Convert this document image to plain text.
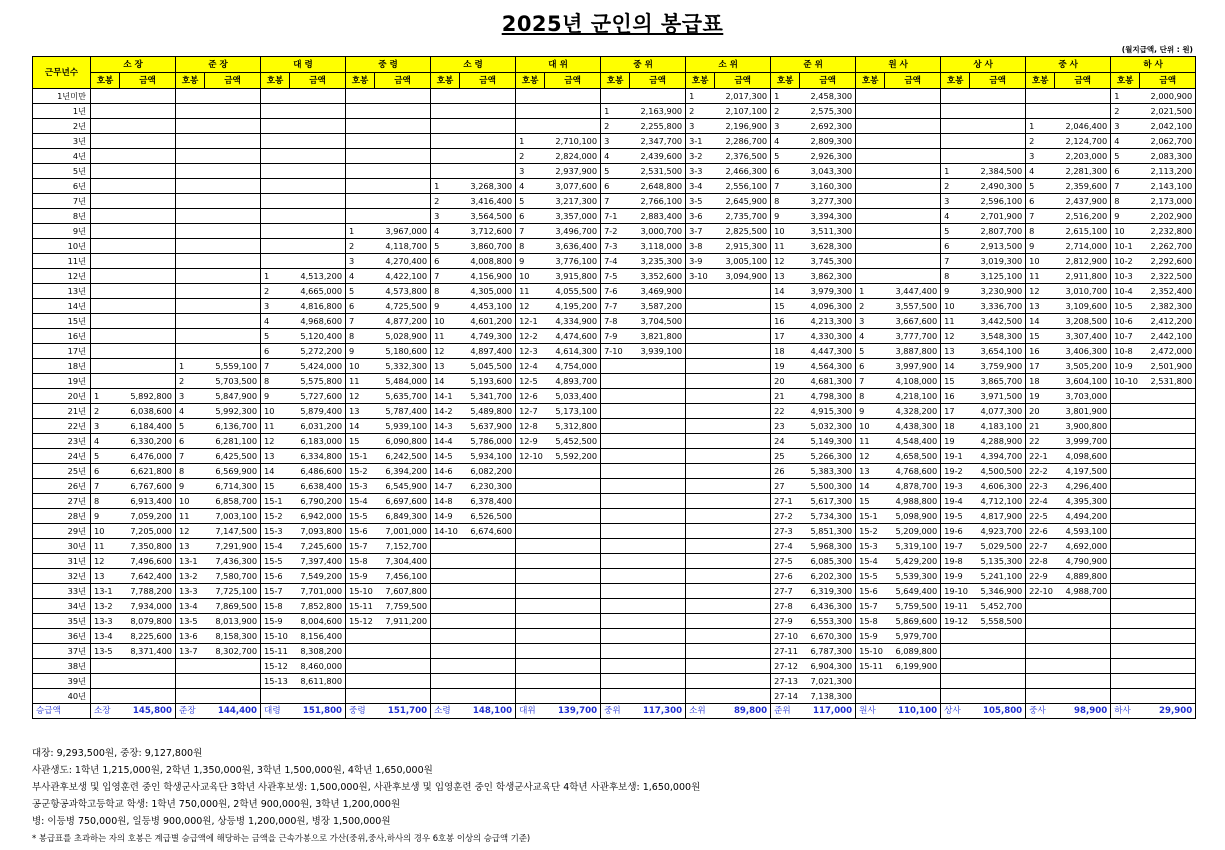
2025년 군인의 봉급표
(월지급액, 단위 : 원)
근무년수	소 장		준 장		대 령		중 령		소 령		대 위		중 위		소 위		준 위		원 사		상 사		중 사		하 사	
	호봉	금액	호봉	금액	호봉	금액	호봉	금액	호봉	금액	호봉	금액	호봉	금액	호봉	금액	호봉	금액	호봉	금액	호봉	금액	호봉	금액	호봉	금액
1년미만															1	2,017,300	1	2,458,300							1	2,000,900
1년													1	2,163,900	2	2,107,100	2	2,575,300							2	2,021,500
2년													2	2,255,800	3	2,196,900	3	2,692,300					1	2,046,400	3	2,042,100
3년											1	2,710,100	3	2,347,700	3-1	2,286,700	4	2,809,300					2	2,124,700	4	2,062,700
4년											2	2,824,000	4	2,439,600	3-2	2,376,500	5	2,926,300					3	2,203,000	5	2,083,300
5년											3	2,937,900	5	2,531,500	3-3	2,466,300	6	3,043,300			1	2,384,500	4	2,281,300	6	2,113,200
6년									1	3,268,300	4	3,077,600	6	2,648,800	3-4	2,556,100	7	3,160,300			2	2,490,300	5	2,359,600	7	2,143,100
7년									2	3,416,400	5	3,217,300	7	2,766,100	3-5	2,645,900	8	3,277,300			3	2,596,100	6	2,437,900	8	2,173,000
8년									3	3,564,500	6	3,357,000	7-1	2,883,400	3-6	2,735,700	9	3,394,300			4	2,701,900	7	2,516,200	9	2,202,900
9년							1	3,967,000	4	3,712,600	7	3,496,700	7-2	3,000,700	3-7	2,825,500	10	3,511,300			5	2,807,700	8	2,615,100	10	2,232,800
10년							2	4,118,700	5	3,860,700	8	3,636,400	7-3	3,118,000	3-8	2,915,300	11	3,628,300			6	2,913,500	9	2,714,000	10-1	2,262,700
11년							3	4,270,400	6	4,008,800	9	3,776,100	7-4	3,235,300	3-9	3,005,100	12	3,745,300			7	3,019,300	10	2,812,900	10-2	2,292,600
12년					1	4,513,200	4	4,422,100	7	4,156,900	10	3,915,800	7-5	3,352,600	3-10	3,094,900	13	3,862,300			8	3,125,100	11	2,911,800	10-3	2,322,500
13년					2	4,665,000	5	4,573,800	8	4,305,000	11	4,055,500	7-6	3,469,900			14	3,979,300	1	3,447,400	9	3,230,900	12	3,010,700	10-4	2,352,400
14년					3	4,816,800	6	4,725,500	9	4,453,100	12	4,195,200	7-7	3,587,200			15	4,096,300	2	3,557,500	10	3,336,700	13	3,109,600	10-5	2,382,300
15년					4	4,968,600	7	4,877,200	10	4,601,200	12-1	4,334,900	7-8	3,704,500			16	4,213,300	3	3,667,600	11	3,442,500	14	3,208,500	10-6	2,412,200
16년					5	5,120,400	8	5,028,900	11	4,749,300	12-2	4,474,600	7-9	3,821,800			17	4,330,300	4	3,777,700	12	3,548,300	15	3,307,400	10-7	2,442,100
17년					6	5,272,200	9	5,180,600	12	4,897,400	12-3	4,614,300	7-10	3,939,100			18	4,447,300	5	3,887,800	13	3,654,100	16	3,406,300	10-8	2,472,000
18년			1	5,559,100	7	5,424,000	10	5,332,300	13	5,045,500	12-4	4,754,000					19	4,564,300	6	3,997,900	14	3,759,900	17	3,505,200	10-9	2,501,900
19년			2	5,703,500	8	5,575,800	11	5,484,000	14	5,193,600	12-5	4,893,700					20	4,681,300	7	4,108,000	15	3,865,700	18	3,604,100	10-10	2,531,800
20년	1	5,892,800	3	5,847,900	9	5,727,600	12	5,635,700	14-1	5,341,700	12-6	5,033,400					21	4,798,300	8	4,218,100	16	3,971,500	19	3,703,000		
21년	2	6,038,600	4	5,992,300	10	5,879,400	13	5,787,400	14-2	5,489,800	12-7	5,173,100					22	4,915,300	9	4,328,200	17	4,077,300	20	3,801,900		
22년	3	6,184,400	5	6,136,700	11	6,031,200	14	5,939,100	14-3	5,637,900	12-8	5,312,800					23	5,032,300	10	4,438,300	18	4,183,100	21	3,900,800		
23년	4	6,330,200	6	6,281,100	12	6,183,000	15	6,090,800	14-4	5,786,000	12-9	5,452,500					24	5,149,300	11	4,548,400	19	4,288,900	22	3,999,700		
24년	5	6,476,000	7	6,425,500	13	6,334,800	15-1	6,242,500	14-5	5,934,100	12-10	5,592,200					25	5,266,300	12	4,658,500	19-1	4,394,700	22-1	4,098,600		
25년	6	6,621,800	8	6,569,900	14	6,486,600	15-2	6,394,200	14-6	6,082,200							26	5,383,300	13	4,768,600	19-2	4,500,500	22-2	4,197,500		
26년	7	6,767,600	9	6,714,300	15	6,638,400	15-3	6,545,900	14-7	6,230,300							27	5,500,300	14	4,878,700	19-3	4,606,300	22-3	4,296,400		
27년	8	6,913,400	10	6,858,700	15-1	6,790,200	15-4	6,697,600	14-8	6,378,400							27-1	5,617,300	15	4,988,800	19-4	4,712,100	22-4	4,395,300		
28년	9	7,059,200	11	7,003,100	15-2	6,942,000	15-5	6,849,300	14-9	6,526,500							27-2	5,734,300	15-1	5,098,900	19-5	4,817,900	22-5	4,494,200		
29년	10	7,205,000	12	7,147,500	15-3	7,093,800	15-6	7,001,000	14-10	6,674,600							27-3	5,851,300	15-2	5,209,000	19-6	4,923,700	22-6	4,593,100		
30년	11	7,350,800	13	7,291,900	15-4	7,245,600	15-7	7,152,700									27-4	5,968,300	15-3	5,319,100	19-7	5,029,500	22-7	4,692,000		
31년	12	7,496,600	13-1	7,436,300	15-5	7,397,400	15-8	7,304,400									27-5	6,085,300	15-4	5,429,200	19-8	5,135,300	22-8	4,790,900		
32년	13	7,642,400	13-2	7,580,700	15-6	7,549,200	15-9	7,456,100									27-6	6,202,300	15-5	5,539,300	19-9	5,241,100	22-9	4,889,800		
33년	13-1	7,788,200	13-3	7,725,100	15-7	7,701,000	15-10	7,607,800									27-7	6,319,300	15-6	5,649,400	19-10	5,346,900	22-10	4,988,700		
34년	13-2	7,934,000	13-4	7,869,500	15-8	7,852,800	15-11	7,759,500									27-8	6,436,300	15-7	5,759,500	19-11	5,452,700				
35년	13-3	8,079,800	13-5	8,013,900	15-9	8,004,600	15-12	7,911,200									27-9	6,553,300	15-8	5,869,600	19-12	5,558,500				
36년	13-4	8,225,600	13-6	8,158,300	15-10	8,156,400											27-10	6,670,300	15-9	5,979,700						
37년	13-5	8,371,400	13-7	8,302,700	15-11	8,308,200											27-11	6,787,300	15-10	6,089,800						
38년					15-12	8,460,000											27-12	6,904,300	15-11	6,199,900						
39년					15-13	8,611,800											27-13	7,021,300								
40년																	27-14	7,138,300								
승급액	소장	145,800	준장	144,400	대령	151,800	중령	151,700	소령	148,100	대위	139,700	중위	117,300	소위	89,800	준위	117,000	원사	110,100	상사	105,800	중사	98,900	하사	29,900
대장: 9,293,500원, 중장: 9,127,800원
사관생도: 1학년 1,215,000원, 2학년 1,350,000원, 3학년 1,500,000원, 4학년 1,650,000원
부사관후보생 및 입영훈련 중인 학생군사교육단 3학년 사관후보생: 1,500,000원, 사관후보생 및 입영훈련 중인 학생군사교육단 4학년 사관후보생: 1,650,000원
공군항공과학고등학교 학생: 1학년 750,000원, 2학년 900,000원, 3학년 1,200,000원
병: 이등병 750,000원, 일등병 900,000원, 상등병 1,200,000원, 병장 1,500,000원
* 봉급표를 초과하는 자의 호봉은 계급별 승급액에 해당하는 금액을 근속가봉으로 가산(중위,중사,하사의 경우 6호봉 이상의 승급액 기준)
